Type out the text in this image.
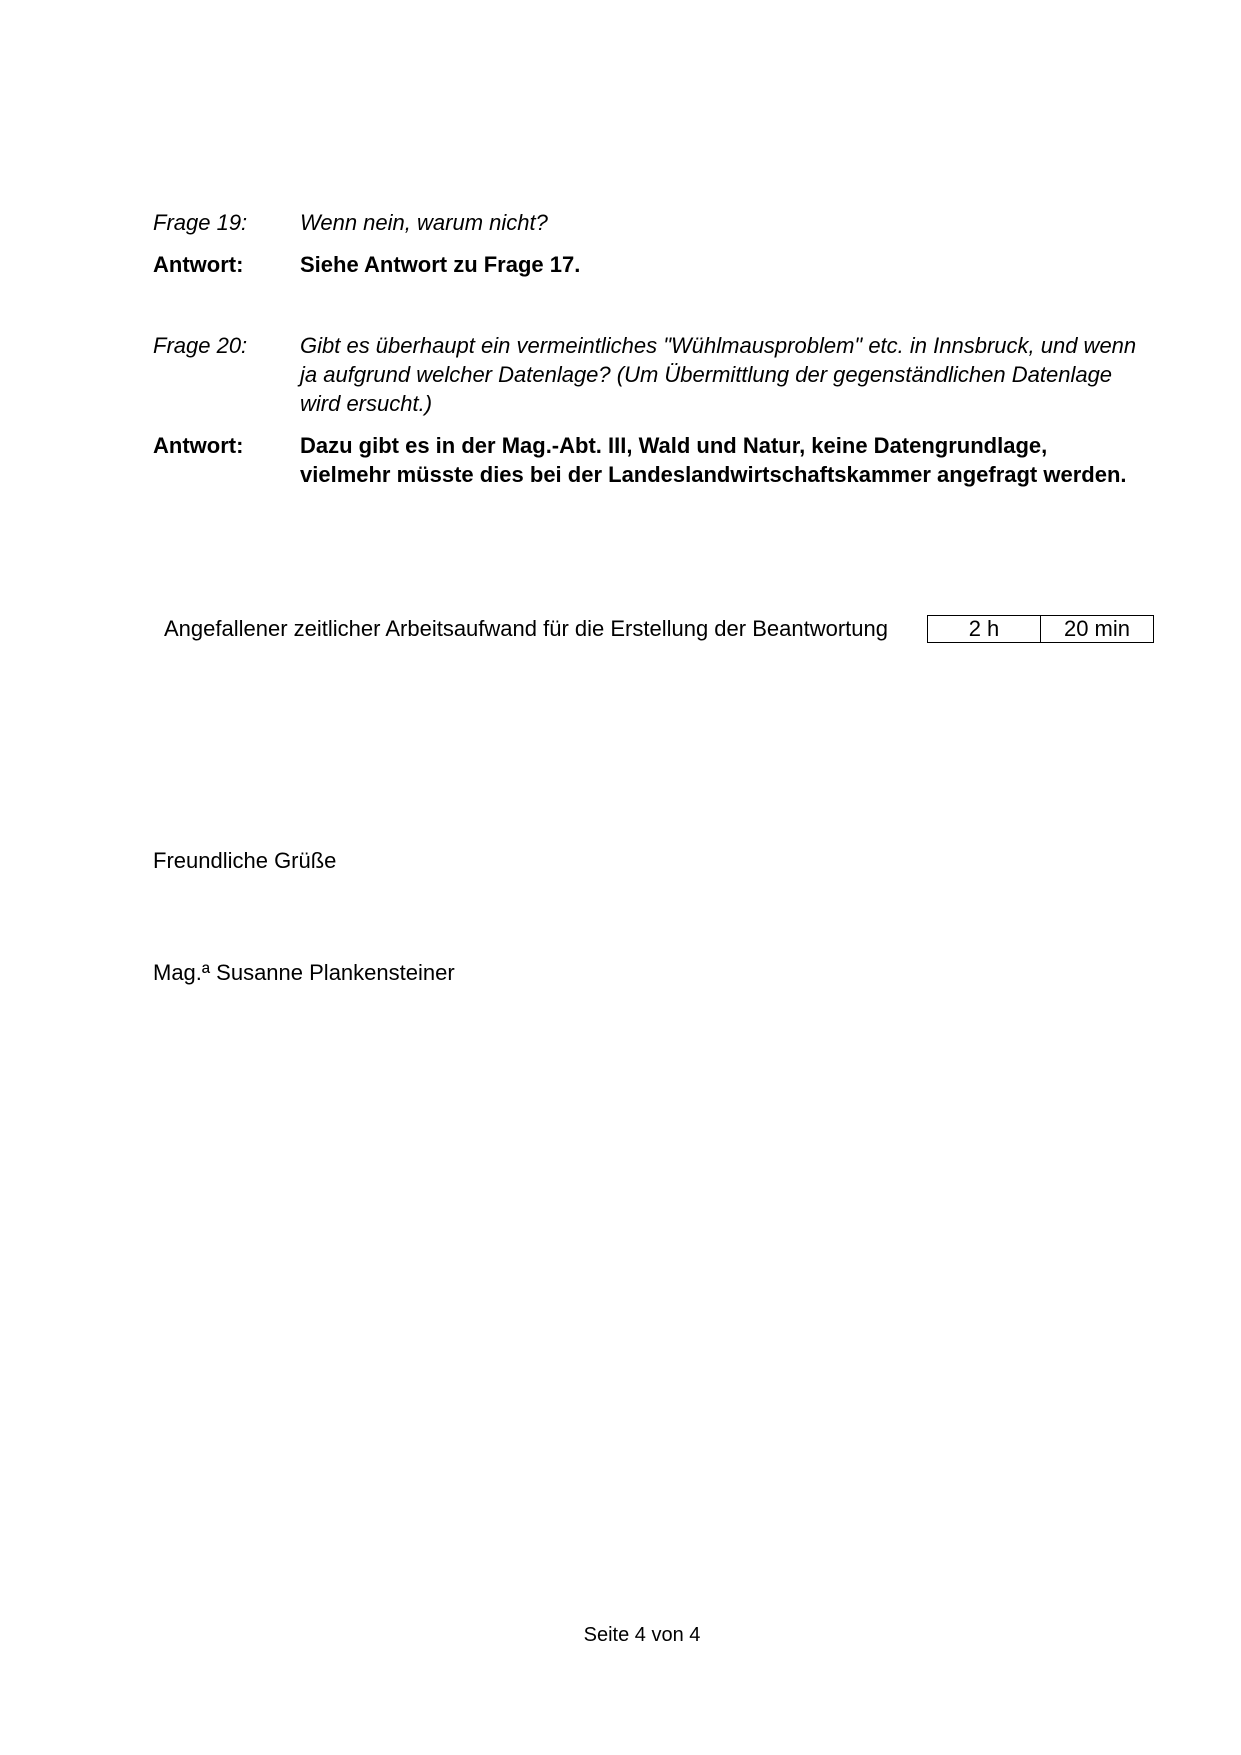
Frage 19:	Wenn nein, warum nicht?
Antwort:	Siehe Antwort zu Frage 17.
Frage 20:	Gibt es überhaupt ein vermeintliches "Wühlmausproblem" etc. in Innsbruck, und wenn ja aufgrund welcher Datenlage? (Um Übermittlung der gegenständlichen Datenlage wird ersucht.)
Antwort:	Dazu gibt es in der Mag.-Abt. III, Wald und Natur, keine Datengrundlage, vielmehr müsste dies bei der Landeslandwirtschaftskammer angefragt werden.
Angefallener zeitlicher Arbeitsaufwand für die Erstellung der Beantwortung	2 h	20 min
Freundliche Grüße
Mag.ª Susanne Plankensteiner
Seite 4 von 4
